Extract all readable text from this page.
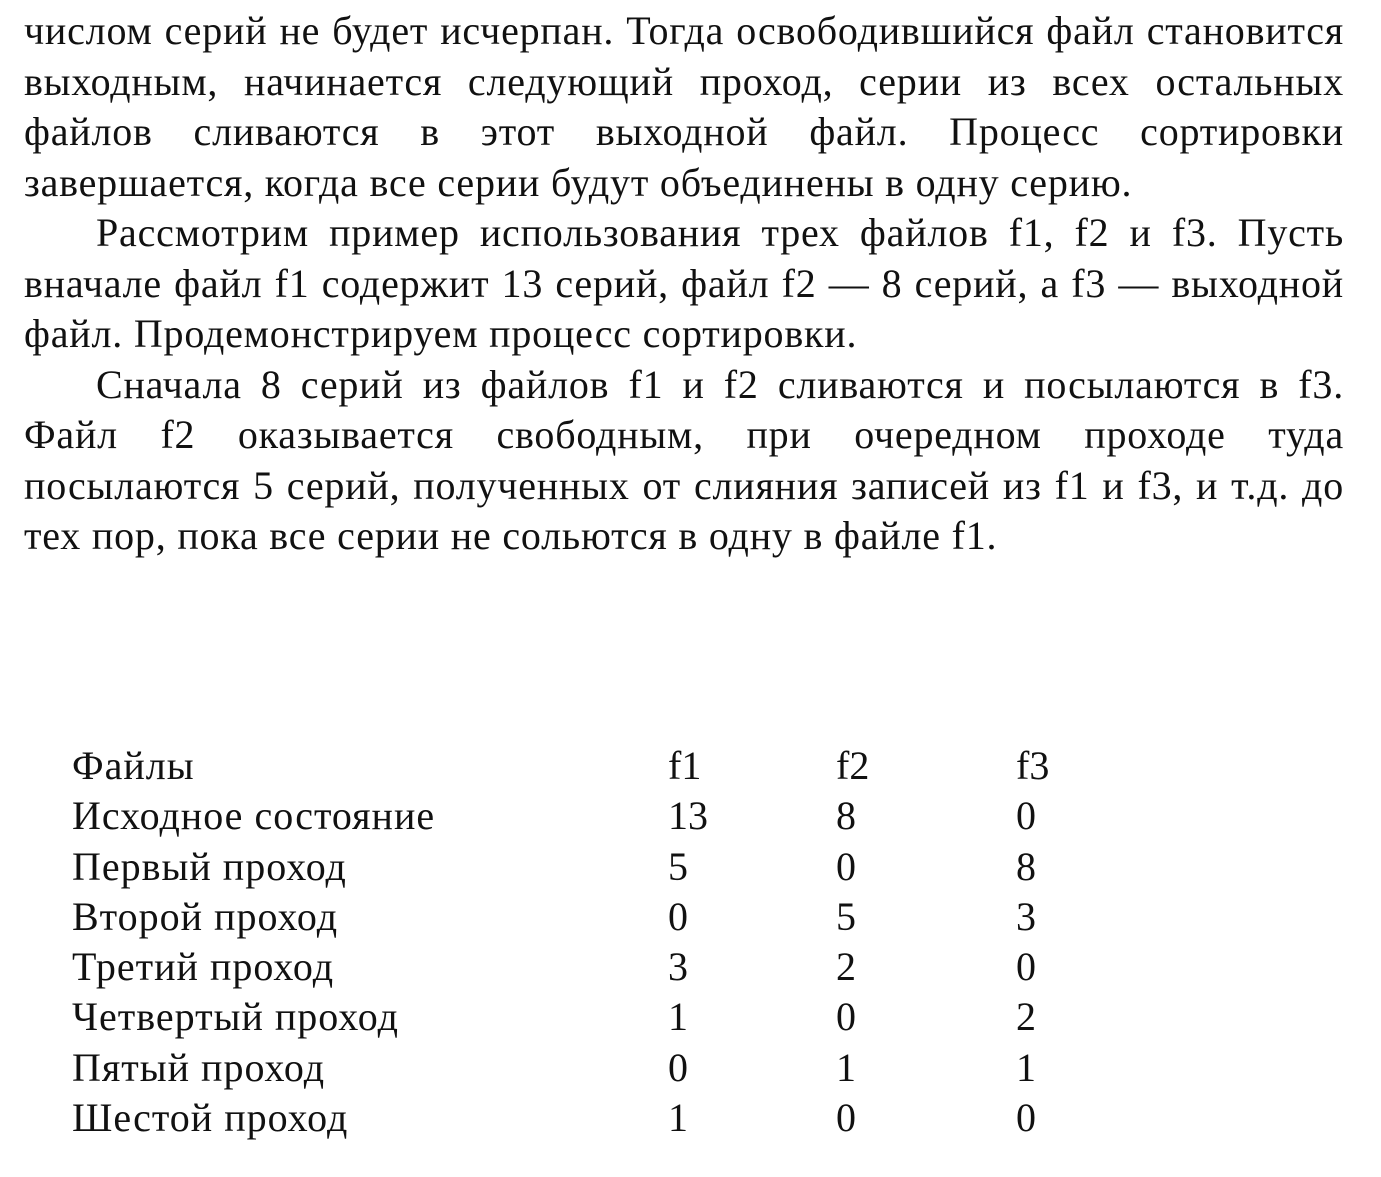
числом серий не будет исчерпан. Тогда освободившийся файл становится выходным, начинается следующий проход, серии из всех остальных файлов сливаются в этот выходной файл. Процесс сортировки завершается, когда все серии будут объединены в одну серию.

Рассмотрим пример использования трех файлов f1, f2 и f3. Пусть вначале файл f1 содержит 13 серий, файл f2 — 8 серий, а f3 — выходной файл. Продемонстрируем процесс сортировки.

Сначала 8 серий из файлов f1 и f2 сливаются и посылаются в f3. Файл f2 оказывается свободным, при очередном проходе туда посылаются 5 серий, полученных от слияния записей из f1 и f3, и т.д. до тех пор, пока все серии не сольются в одну в файле f1.

Файлы	f1	f2	f3
Исходное состояние	13	8	0
Первый проход	5	0	8
Второй проход	0	5	3
Третий проход	3	2	0
Четвертый проход	1	0	2
Пятый проход	0	1	1
Шестой проход	1	0	0
